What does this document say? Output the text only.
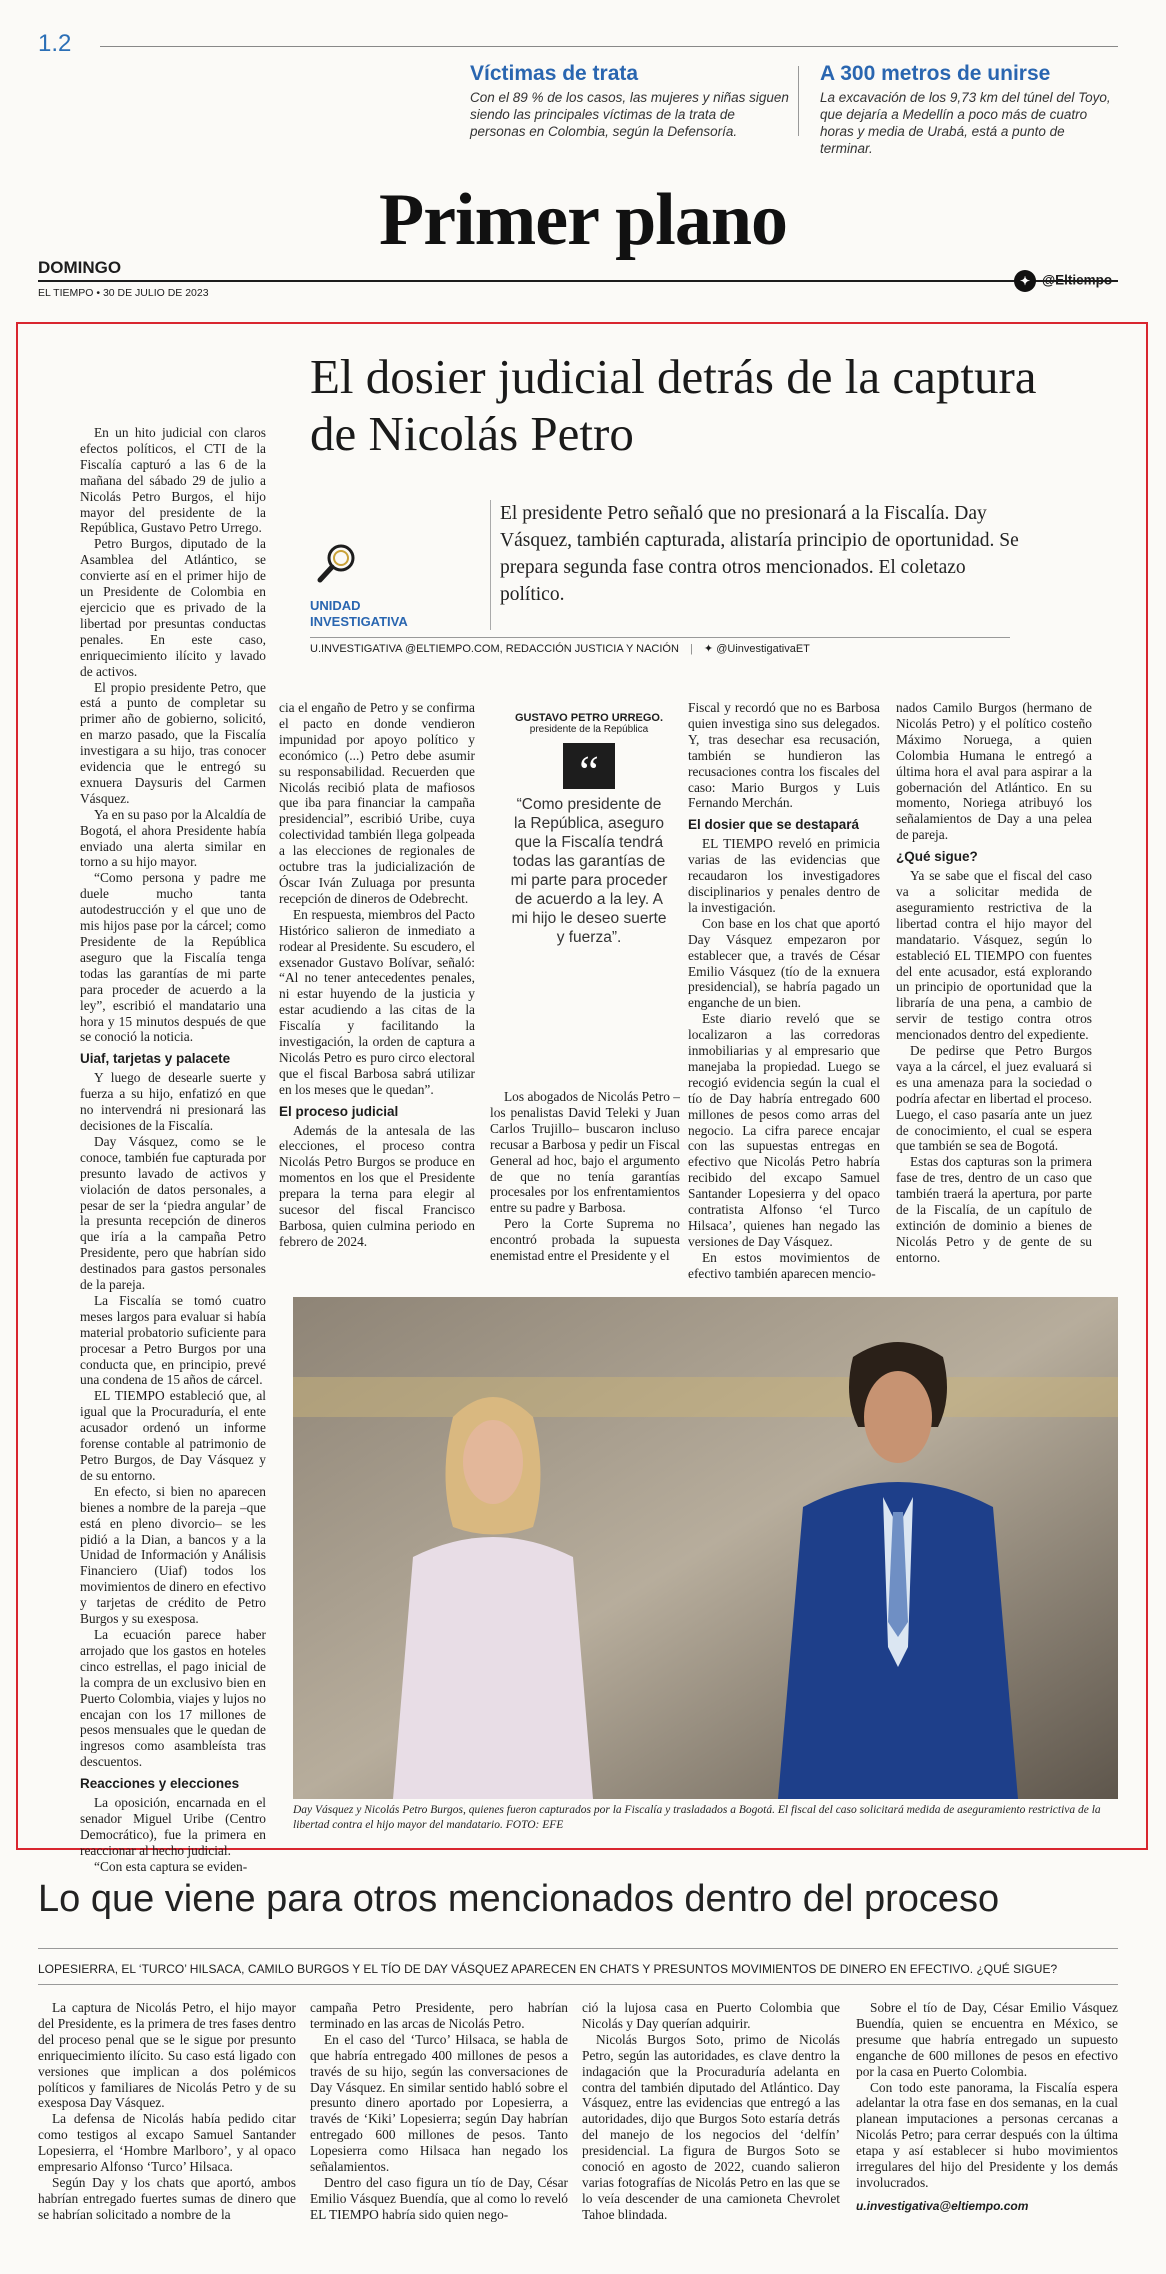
1.2
Víctimas de trata
Con el 89 % de los casos, las mujeres y niñas siguen siendo las principales víctimas de la trata de personas en Colombia, según la Defensoría.
A 300 metros de unirse
La excavación de los 9,73 km del túnel del Toyo, que dejaría a Medellín a poco más de cuatro horas y media de Urabá, está a punto de terminar.
Primer plano
DOMINGO
EL TIEMPO • 30 DE JULIO DE 2023
✦ @Eltiempo
El dosier judicial detrás de la captura de Nicolás Petro
El presidente Petro señaló que no presionará a la Fiscalía. Day Vásquez, también capturada, alistaría principio de oportunidad. Se prepara segunda fase contra otros mencionados. El coletazo político.
UNIDAD INVESTIGATIVA
U.INVESTIGATIVA @ELTIEMPO.COM, REDACCIÓN JUSTICIA Y NACIÓN | ✦ @UinvestigativaET

En un hito judicial con claros efectos políticos, el CTI de la Fiscalía capturó a las 6 de la mañana del sábado 29 de julio a Nicolás Petro Burgos, el hijo mayor del presidente de la República, Gustavo Petro Urrego.

Petro Burgos, diputado de la Asamblea del Atlántico, se convierte así en el primer hijo de un Presidente de Colombia en ejercicio que es privado de la libertad por presuntas conductas penales. En este caso, enriquecimiento ilícito y lavado de activos.

El propio presidente Petro, que está a punto de completar su primer año de gobierno, solicitó, en marzo pasado, que la Fiscalía investigara a su hijo, tras conocer evidencia que le entregó su exnuera Daysuris del Carmen Vásquez.

Ya en su paso por la Alcaldía de Bogotá, el ahora Presidente había enviado una alerta similar en torno a su hijo mayor.

“Como persona y padre me duele mucho tanta autodestrucción y el que uno de mis hijos pase por la cárcel; como Presidente de la República aseguro que la Fiscalía tenga todas las garantías de mi parte para proceder de acuerdo a la ley”, escribió el mandatario una hora y 15 minutos después de que se conoció la noticia.

Uiaf, tarjetas y palacete

Y luego de desearle suerte y fuerza a su hijo, enfatizó en que no intervendrá ni presionará las decisiones de la Fiscalía.

Day Vásquez, como se le conoce, también fue capturada por presunto lavado de activos y violación de datos personales, a pesar de ser la ‘piedra angular’ de la presunta recepción de dineros que iría a la campaña Petro Presidente, pero que habrían sido destinados para gastos personales de la pareja.

La Fiscalía se tomó cuatro meses largos para evaluar si había material probatorio suficiente para procesar a Petro Burgos por una conducta que, en principio, prevé una condena de 15 años de cárcel.

EL TIEMPO estableció que, al igual que la Procuraduría, el ente acusador ordenó un informe forense contable al patrimonio de Petro Burgos, de Day Vásquez y de su entorno.

En efecto, si bien no aparecen bienes a nombre de la pareja –que está en pleno divorcio– se les pidió a la Dian, a bancos y a la Unidad de Información y Análisis Financiero (Uiaf) todos los movimientos de dinero en efectivo y tarjetas de crédito de Petro Burgos y su exesposa.

La ecuación parece haber arrojado que los gastos en hoteles cinco estrellas, el pago inicial de la compra de un exclusivo bien en Puerto Colombia, viajes y lujos no encajan con los 17 millones de pesos mensuales que le quedan de ingresos como asambleísta tras descuentos.

Reacciones y elecciones

La oposición, encarnada en el senador Miguel Uribe (Centro Democrático), fue la primera en reaccionar al hecho judicial.

“Con esta captura se eviden-

cia el engaño de Petro y se confirma el pacto en donde vendieron impunidad por apoyo político y económico (...) Petro debe asumir su responsabilidad. Recuerden que Nicolás recibió plata de mafiosos que iba para financiar la campaña presidencial”, escribió Uribe, cuya colectividad también llega golpeada a las elecciones de regionales de octubre tras la judicialización de Óscar Iván Zuluaga por presunta recepción de dineros de Odebrecht.

En respuesta, miembros del Pacto Histórico salieron de inmediato a rodear al Presidente. Su escudero, el exsenador Gustavo Bolívar, señaló: “Al no tener antecedentes penales, ni estar huyendo de la justicia y estar acudiendo a las citas de la Fiscalía y facilitando la investigación, la orden de captura a Nicolás Petro es puro circo electoral que el fiscal Barbosa sabrá utilizar en los meses que le quedan”.

El proceso judicial

Además de la antesala de las elecciones, el proceso contra Nicolás Petro Burgos se produce en momentos en los que el Presidente prepara la terna para elegir al sucesor del fiscal Francisco Barbosa, quien culmina periodo en febrero de 2024.

GUSTAVO PETRO URREGO.
presidente de la República
“
“Como presidente de la República, aseguro que la Fiscalía tendrá todas las garantías de mi parte para proceder de acuerdo a la ley. A mi hijo le deseo suerte y fuerza”.

Los abogados de Nicolás Petro –los penalistas David Teleki y Juan Carlos Trujillo– buscaron incluso recusar a Barbosa y pedir un Fiscal General ad hoc, bajo el argumento de que no tenía garantías procesales por los enfrentamientos entre su padre y Barbosa.

Pero la Corte Suprema no encontró probada la supuesta enemistad entre el Presidente y el

Fiscal y recordó que no es Barbosa quien investiga sino sus delegados. Y, tras desechar esa recusación, también se hundieron las recusaciones contra los fiscales del caso: Mario Burgos y Luis Fernando Merchán.

El dosier que se destapará

EL TIEMPO reveló en primicia varias de las evidencias que recaudaron los investigadores disciplinarios y penales dentro de la investigación.

Con base en los chat que aportó Day Vásquez empezaron por establecer que, a través de César Emilio Vásquez (tío de la exnuera presidencial), se habría pagado un enganche de un bien.

Este diario reveló que se localizaron a las corredoras inmobiliarias y al empresario que manejaba la propiedad. Luego se recogió evidencia según la cual el tío de Day habría entregado 600 millones de pesos como arras del negocio. La cifra parece encajar con las supuestas entregas en efectivo que Nicolás Petro habría recibido del excapo Samuel Santander Lopesierra y del opaco contratista Alfonso ‘el Turco Hilsaca’, quienes han negado las versiones de Day Vásquez.

En estos movimientos de efectivo también aparecen mencio-

nados Camilo Burgos (hermano de Nicolás Petro) y el político costeño Máximo Noruega, a quien Colombia Humana le entregó a última hora el aval para aspirar a la gobernación del Atlántico. En su momento, Noriega atribuyó los señalamientos de Day a una pelea de pareja.

¿Qué sigue?

Ya se sabe que el fiscal del caso va a solicitar medida de aseguramiento restrictiva de la libertad contra el hijo mayor del mandatario. Vásquez, según lo estableció EL TIEMPO con fuentes del ente acusador, está explorando un principio de oportunidad que la libraría de una pena, a cambio de servir de testigo contra otros mencionados dentro del expediente.

De pedirse que Petro Burgos vaya a la cárcel, el juez evaluará si es una amenaza para la sociedad o podría afectar en libertad el proceso. Luego, el caso pasaría ante un juez de conocimiento, el cual se espera que también se sea de Bogotá.

Estas dos capturas son la primera fase de tres, dentro de un caso que también traerá la apertura, por parte de la Fiscalía, de un capítulo de extinción de dominio a bienes de Nicolás Petro y de gente de su entorno.

Day Vásquez y Nicolás Petro Burgos, quienes fueron capturados por la Fiscalía y trasladados a Bogotá. El fiscal del caso solicitará medida de aseguramiento restrictiva de la libertad contra el hijo mayor del mandatario. FOTO: EFE
Lo que viene para otros mencionados dentro del proceso
LOPESIERRA, EL ‘TURCO’ HILSACA, CAMILO BURGOS Y EL TÍO DE DAY VÁSQUEZ APARECEN EN CHATS Y PRESUNTOS MOVIMIENTOS DE DINERO EN EFECTIVO. ¿QUÉ SIGUE?

La captura de Nicolás Petro, el hijo mayor del Presidente, es la primera de tres fases dentro del proceso penal que se le sigue por presunto enriquecimiento ilícito. Su caso está ligado con versiones que implican a dos polémicos políticos y familiares de Nicolás Petro y de su exesposa Day Vásquez.

La defensa de Nicolás había pedido citar como testigos al excapo Samuel Santander Lopesierra, el ‘Hombre Marlboro’, y al opaco empresario Alfonso ‘Turco’ Hilsaca.

Según Day y los chats que aportó, ambos habrían entregado fuertes sumas de dinero que se habrían solicitado a nombre de la

campaña Petro Presidente, pero habrían terminado en las arcas de Nicolás Petro.

En el caso del ‘Turco’ Hilsaca, se habla de que habría entregado 400 millones de pesos a través de su hijo, según las conversaciones de Day Vásquez. En similar sentido habló sobre el presunto dinero aportado por Lopesierra, a través de ‘Kiki’ Lopesierra; según Day habrían entregado 600 millones de pesos. Tanto Lopesierra como Hilsaca han negado los señalamientos.

Dentro del caso figura un tío de Day, César Emilio Vásquez Buendía, que al como lo reveló EL TIEMPO habría sido quien nego-

ció la lujosa casa en Puerto Colombia que Nicolás y Day querían adquirir.

Nicolás Burgos Soto, primo de Nicolás Petro, según las autoridades, es clave dentro la indagación que la Procuraduría adelanta en contra del también diputado del Atlántico. Day Vásquez, entre las evidencias que entregó a las autoridades, dijo que Burgos Soto estaría detrás del manejo de los negocios del ‘delfín’ presidencial. La figura de Burgos Soto se conoció en agosto de 2022, cuando salieron varias fotografías de Nicolás Petro en las que se lo veía descender de una camioneta Chevrolet Tahoe blindada.

Sobre el tío de Day, César Emilio Vásquez Buendía, quien se encuentra en México, se presume que habría entregado un supuesto enganche de 600 millones de pesos en efectivo por la casa en Puerto Colombia.

Con todo este panorama, la Fiscalía espera adelantar la otra fase en dos semanas, en la cual planean imputaciones a personas cercanas a Nicolás Petro; para cerrar después con la última etapa y así establecer si hubo movimientos irregulares del hijo del Presidente y los demás involucrados.

u.investigativa@eltiempo.com
